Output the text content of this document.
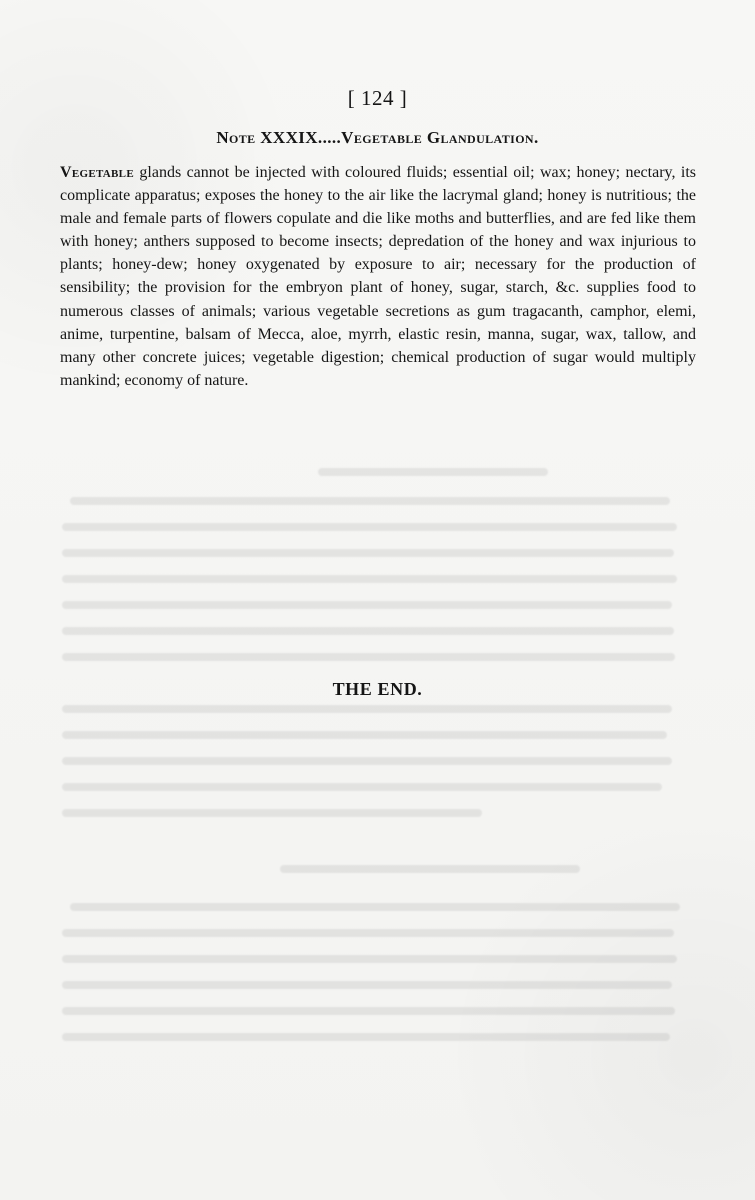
[ 124 ]
Note XXXIX.....Vegetable Glandulation.
Vegetable glands cannot be injected with coloured fluids; essential oil; wax; honey; nectary, its complicate apparatus; exposes the honey to the air like the lacrymal gland; honey is nutritious; the male and female parts of flowers copulate and die like moths and butterflies, and are fed like them with honey; anthers supposed to become insects; depredation of the honey and wax injurious to plants; honey-dew; honey oxygenated by exposure to air; necessary for the production of sensibility; the provision for the embryon plant of honey, sugar, starch, &c. supplies food to numerous classes of animals; various vegetable secretions as gum tragacanth, camphor, elemi, anime, turpentine, balsam of Mecca, aloe, myrrh, elastic resin, manna, sugar, wax, tallow, and many other concrete juices; vegetable digestion; chemical production of sugar would multiply mankind; economy of nature.
THE END.
